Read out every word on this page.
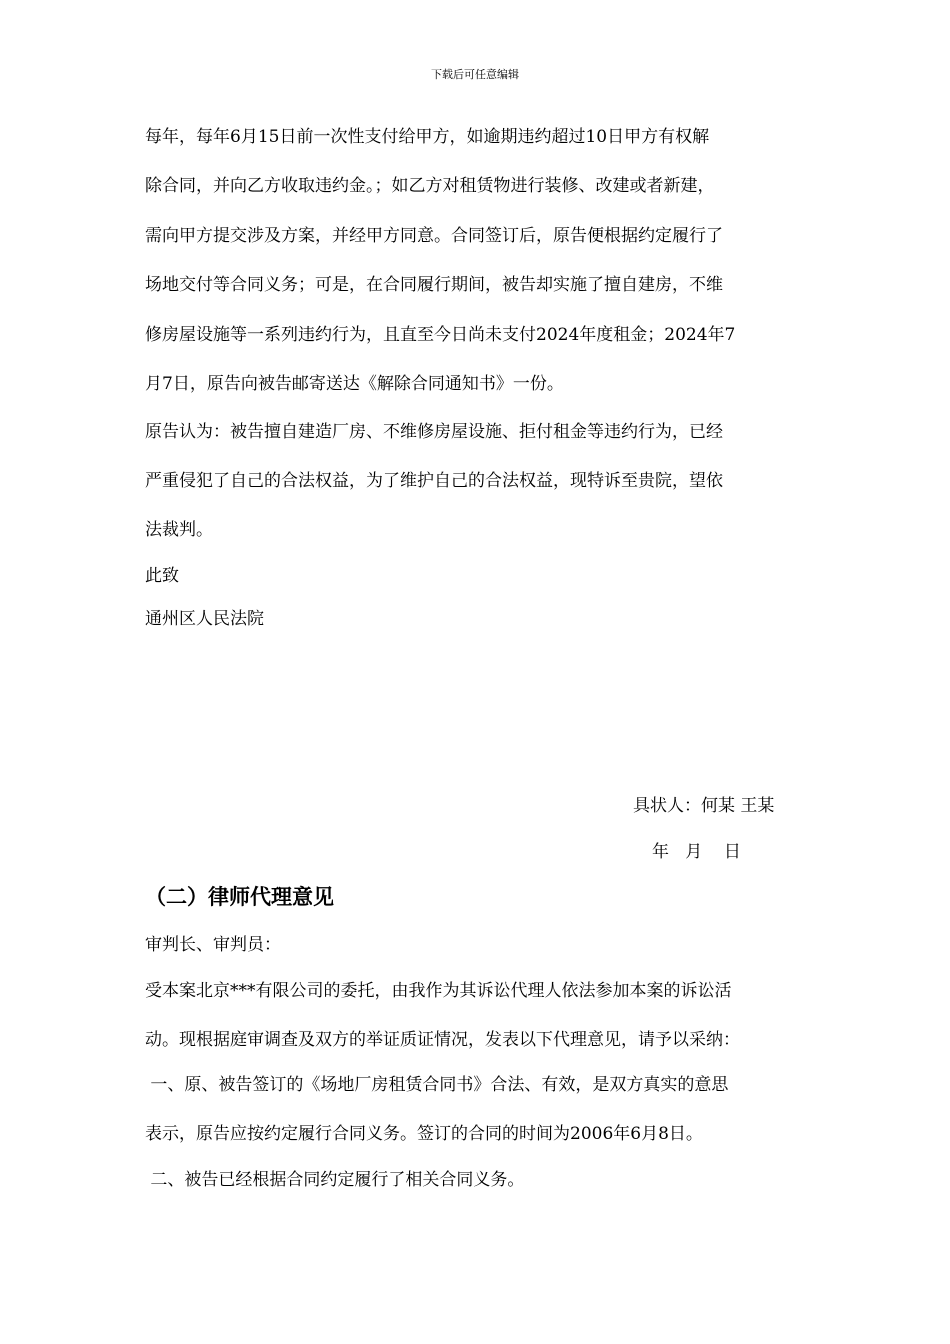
下载后可任意编辑
每年，每年6月15日前一次性支付给甲方，如逾期违约超过10日甲方有权解
除合同，并向乙方收取违约金。；如乙方对租赁物进行装修、改建或者新建，
需向甲方提交涉及方案，并经甲方同意。合同签订后，原告便根据约定履行了
场地交付等合同义务；可是，在合同履行期间，被告却实施了擅自建房，不维
修房屋设施等一系列违约行为，且直至今日尚未支付2024年度租金；2024年7
月7日，原告向被告邮寄送达《解除合同通知书》一份。
原告认为：被告擅自建造厂房、不维修房屋设施、拒付租金等违约行为，已经
严重侵犯了自己的合法权益，为了维护自己的合法权益，现特诉至贵院，望依
法裁判。
此致
通州区人民法院
具状人：何某 王某
年   月    日
（二）律师代理意见
审判长、审判员：
受本案北京***有限公司的委托，由我作为其诉讼代理人依法参加本案的诉讼活
动。现根据庭审调查及双方的举证质证情况，发表以下代理意见，请予以采纳：
一、原、被告签订的《场地厂房租赁合同书》合法、有效，是双方真实的意思
表示，原告应按约定履行合同义务。签订的合同的时间为2006年6月8日。
二、被告已经根据合同约定履行了相关合同义务。
